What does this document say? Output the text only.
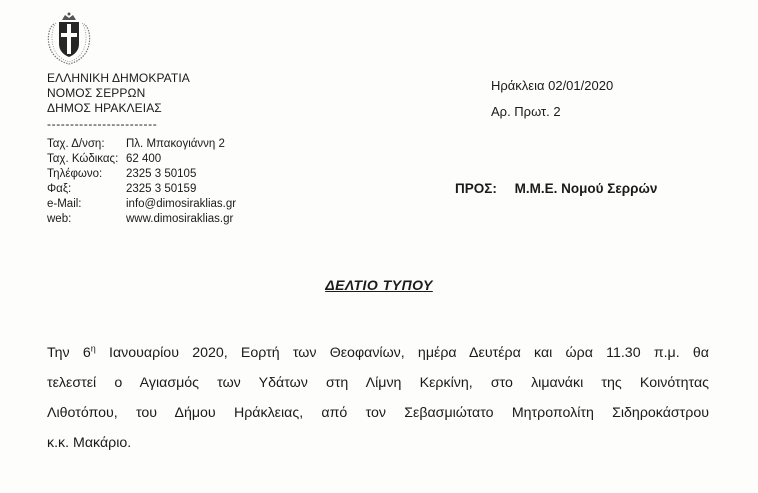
ΕΛΛΗΝΙΚΗ ΔΗΜΟΚΡΑΤΙΑ
ΝΟΜΟΣ ΣΕΡΡΩΝ
ΔΗΜΟΣ ΗΡΑΚΛΕΙΑΣ
------------------------
Ταχ. Δ/νση:	Πλ. Μπακογιάννη 2
Ταχ. Κώδικας: 62 400
Τηλέφωνο:	2325 3 50105
Φαξ:	2325 3 50159
e-Mail:	info@dimosiraklias.gr
web:	www.dimosiraklias.gr
Ηράκλεια 02/01/2020
Αρ. Πρωτ. 2
ΠΡΟΣ: Μ.Μ.Ε. Νομού Σερρών
ΔΕΛΤΙΟ ΤΥΠΟΥ
Την $6^\eta$ Ιανουαρίου 2020, Εορτή των Θεοφανίων, ημέρα Δευτέρα και ώρα 11.30 π.μ. θα
τελεστεί ο Αγιασμός των Υδάτων στη Λίμνη Κερκίνη, στο λιμανάκι της Κοινότητας
Λιθοτόπου, του Δήμου Ηράκλειας, από τον Σεβασμιώτατο Μητροπολίτη Σιδηροκάστρου
κ.κ. Μακάριο.
